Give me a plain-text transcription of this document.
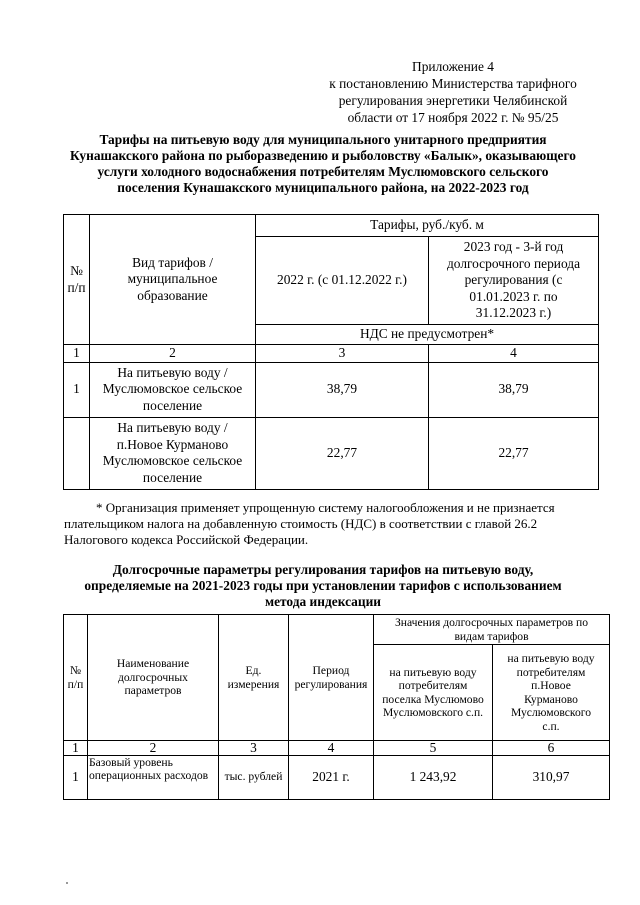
Приложение 4
к постановлению Министерства тарифного
регулирования энергетики Челябинской
области от 17 ноября 2022 г. № 95/25
Тарифы на питьевую воду для муниципального унитарного предприятия
Кунашакского района по рыборазведению и рыболовству «Балык», оказывающего
услуги холодного водоснабжения потребителям Муслюмовского сельского
поселения Кунашакского муниципального района, на 2022-2023 год
№ п/п	Вид тарифов / муниципальное образование	Тарифы, руб./куб. м	
		2022 г. (с 01.12.2022 г.)	2023 год - 3-й год долгосрочного периода регулирования (с 01.01.2023 г. по 31.12.2023 г.)
		НДС не предусмотрен*	
1	2	3	4
1	На питьевую воду / Муслюмовское сельское поселение	38,79	38,79
	На питьевую воду / п.Новое Курманово Муслюмовское сельское поселение	22,77	22,77
* Организация применяет упрощенную систему налогообложения и не признается
плательщиком налога на добавленную стоимость (НДС) в соответствии с главой 26.2
Налогового кодекса Российской Федерации.
Долгосрочные параметры регулирования тарифов на питьевую воду,
определяемые на 2021-2023 годы при установлении тарифов с использованием
метода индексации
№ п/п	Наименование долгосрочных параметров	Ед. измерения	Период регулирования	Значения долгосрочных параметров по видам тарифов	
				на питьевую воду потребителям поселка Муслюмово Муслюмовского с.п.	на питьевую воду потребителям п.Новое Курманово Муслюмовского с.п.
1	2	3	4	5	6
1	Базовый уровень операционных расходов	тыс. рублей	2021 г.	1 243,92	310,97
